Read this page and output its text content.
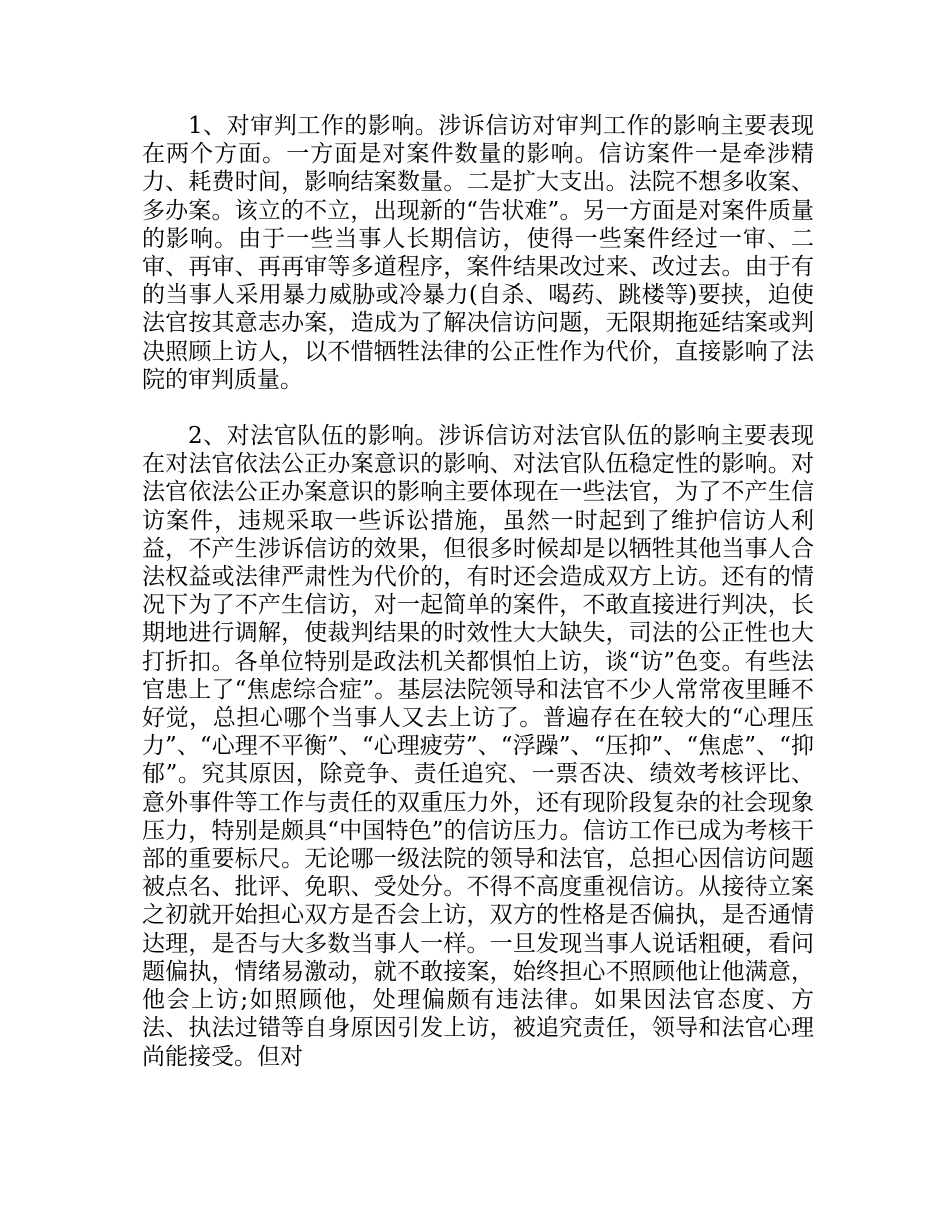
1、对审判工作的影响。涉诉信访对审判工作的影响主要表现在两个方面。一方面是对案件数量的影响。信访案件一是牵涉精力、耗费时间，影响结案数量。二是扩大支出。法院不想多收案、多办案。该立的不立，出现新的“告状难”。另一方面是对案件质量的影响。由于一些当事人长期信访，使得一些案件经过一审、二审、再审、再再审等多道程序，案件结果改过来、改过去。由于有的当事人采用暴力威胁或冷暴力(自杀、喝药、跳楼等)要挟，迫使法官按其意志办案，造成为了解决信访问题，无限期拖延结案或判决照顾上访人，以不惜牺牲法律的公正性作为代价，直接影响了法院的审判质量。

2、对法官队伍的影响。涉诉信访对法官队伍的影响主要表现在对法官依法公正办案意识的影响、对法官队伍稳定性的影响。对法官依法公正办案意识的影响主要体现在一些法官，为了不产生信访案件，违规采取一些诉讼措施，虽然一时起到了维护信访人利益，不产生涉诉信访的效果，但很多时候却是以牺牲其他当事人合法权益或法律严肃性为代价的，有时还会造成双方上访。还有的情况下为了不产生信访，对一起简单的案件，不敢直接进行判决，长期地进行调解，使裁判结果的时效性大大缺失，司法的公正性也大打折扣。各单位特别是政法机关都惧怕上访，谈“访”色变。有些法官患上了“焦虑综合症”。基层法院领导和法官不少人常常夜里睡不好觉，总担心哪个当事人又去上访了。普遍存在在较大的“心理压力”、“心理不平衡”、“心理疲劳”、“浮躁”、“压抑”、“焦虑”、“抑郁”。究其原因，除竞争、责任追究、一票否决、绩效考核评比、意外事件等工作与责任的双重压力外，还有现阶段复杂的社会现象压力，特别是颇具“中国特色”的信访压力。信访工作已成为考核干部的重要标尺。无论哪一级法院的领导和法官，总担心因信访问题被点名、批评、免职、受处分。不得不高度重视信访。从接待立案之初就开始担心双方是否会上访，双方的性格是否偏执，是否通情达理，是否与大多数当事人一样。一旦发现当事人说话粗硬，看问题偏执，情绪易激动，就不敢接案，始终担心不照顾他让他满意，他会上访;如照顾他，处理偏颇有违法律。如果因法官态度、方法、执法过错等自身原因引发上访，被追究责任，领导和法官心理尚能接受。但对
